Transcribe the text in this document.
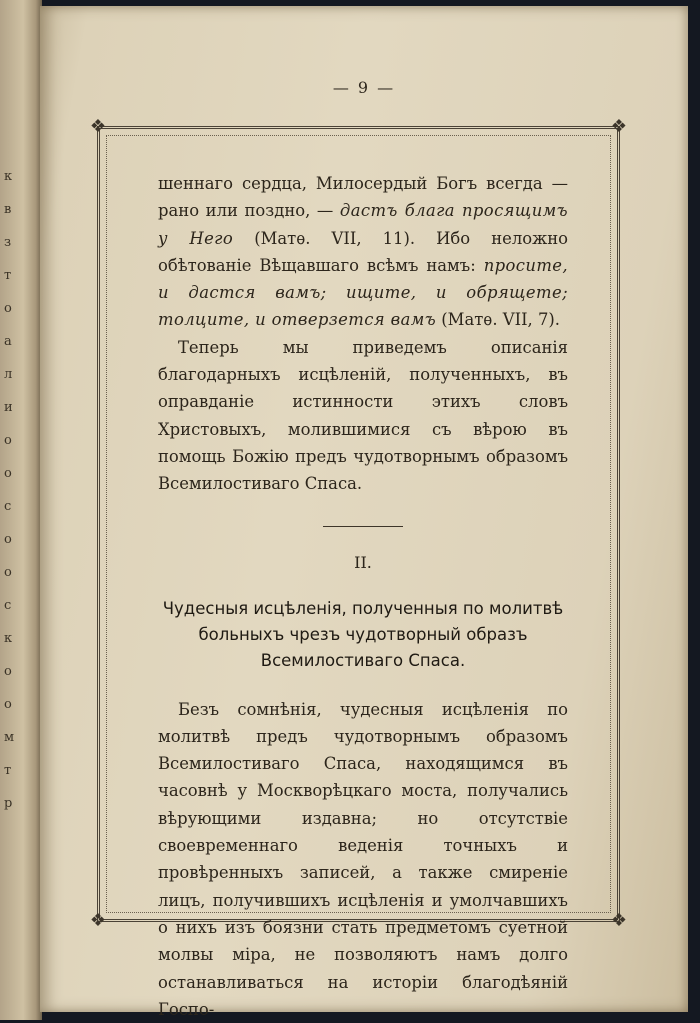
к
в
з
т
о
а
л
и
о
о
с
о
о
с
к
о
о
м
т
р
— 9 —
❖	❖
❖	❖

шеннаго сердца, Милосердый Богъ всегда — рано или поздно, — дастъ блага просящимъ у Него (Матѳ. VII, 11). Ибо неложно обѣтованіе Вѣщавшаго всѣмъ намъ: просите, и дастся вамъ; ищите, и обрящете; толците, и отверзется вамъ (Матѳ. VII, 7).

Теперь мы приведемъ описанія благодарныхъ исцѣленій, полученныхъ, въ оправданіе истинности этихъ словъ Христовыхъ, молившимися съ вѣрою въ помощь Божію предъ чудотворнымъ образомъ Всемилостиваго Спаса.

II.
Чудесныя исцѣленія, полученныя по молитвѣ больныхъ чрезъ чудотворный образъ Всемилостиваго Спаса.

Безъ сомнѣнія, чудесныя исцѣленія по молитвѣ предъ чудотворнымъ образомъ Всемилостиваго Спаса, находящимся въ часовнѣ у Москворѣцкаго моста, получались вѣрующими издавна; но отсутствіе своевременнаго веденія точныхъ и провѣренныхъ записей, а также смиреніе лицъ, получившихъ исцѣленія и умолчавшихъ о нихъ изъ боязни стать предметомъ суетной молвы міра, не позволяютъ намъ долго останавливаться на исторіи благодѣяній Госпо-
